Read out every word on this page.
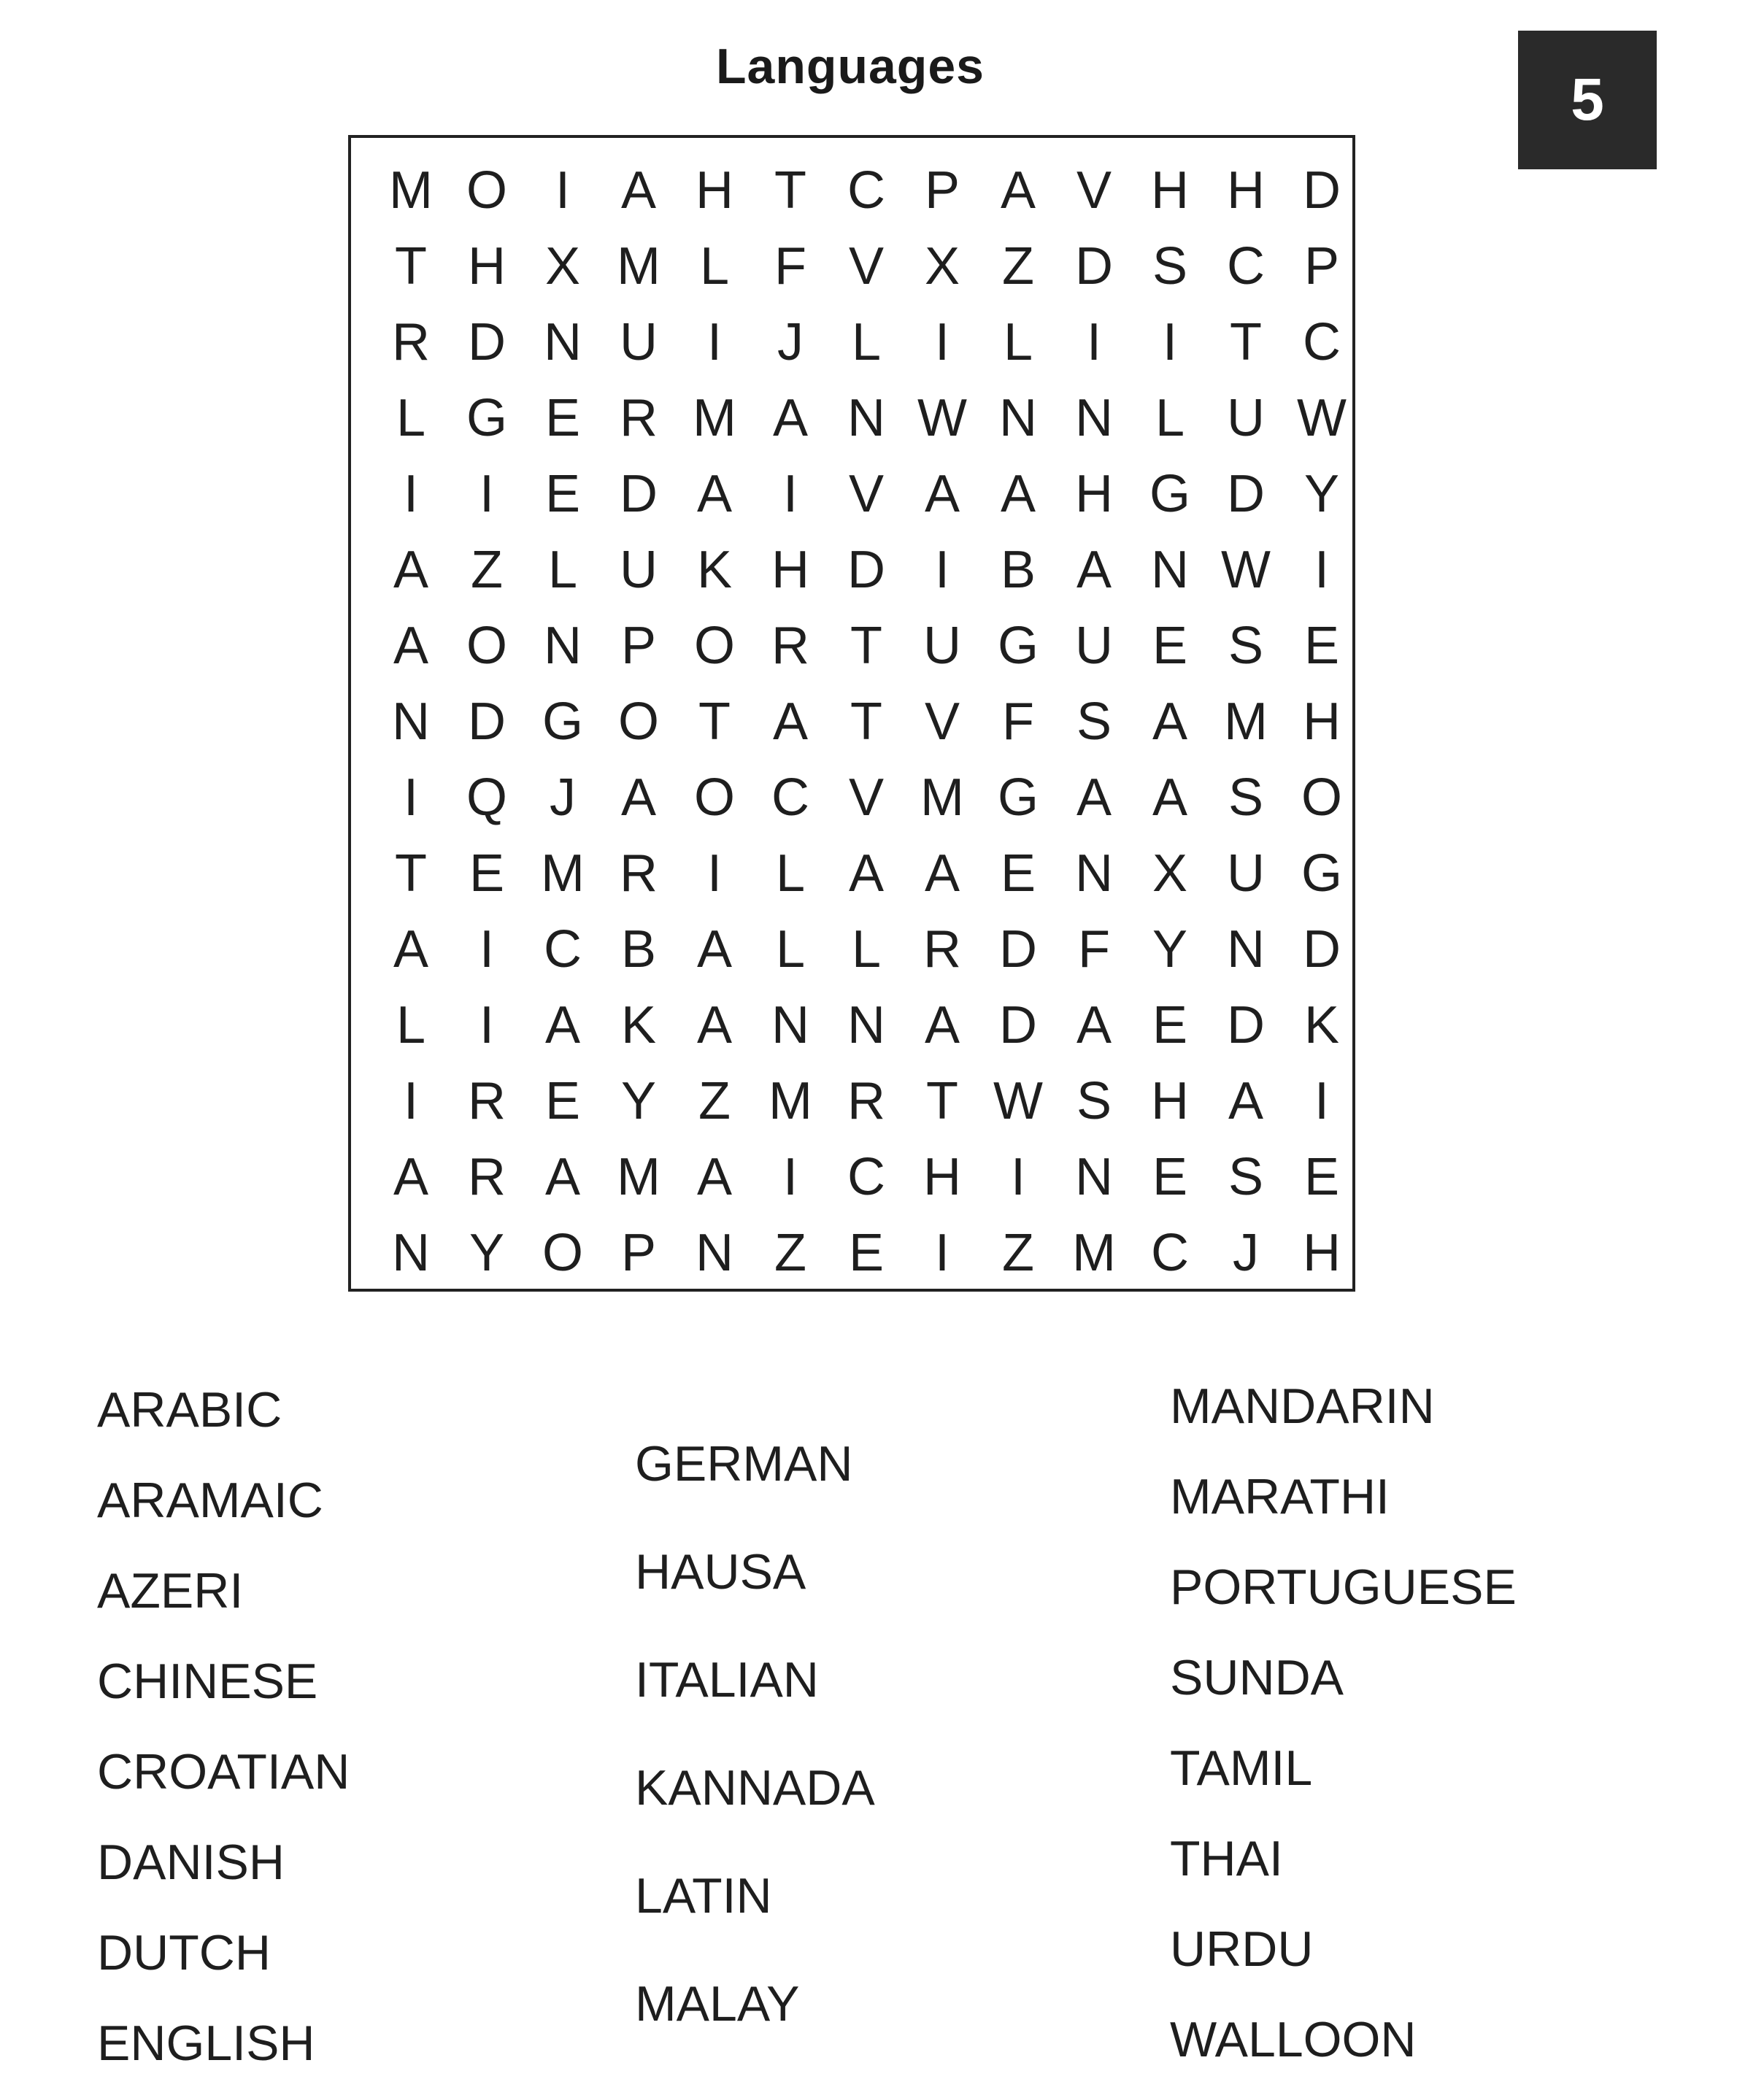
Languages	5
M O I A H T C P A V H H D
T H X M L F V X Z D S C P
R D N U I	J L	I	L	I	I	T C
L G E R M A N W N N L U W
I	I E D A I V A A H G D Y
A Z L U K H D I B A N W I
A O N P O R T U G U E S E
N D G O T A T V F S A M H
I Q J A O C V M G A A S O
T E M R I	L A A E N X U G
A I C B A L L R D F Y N D
L	I A K A N N A D A E D K
I R E Y Z M R T W S H A I
A R A M A I C H I N E S E
N Y O P N Z E I	Z M C J H
ARABIC
ARAMAIC
AZERI
CHINESE
CROATIAN
DANISH
DUTCH
ENGLISH
GERMAN
HAUSA
ITALIAN
KANNADA
LATIN
MALAY
MANDARIN
MARATHI
PORTUGUESE
SUNDA
TAMIL
THAI
URDU
WALLOON
